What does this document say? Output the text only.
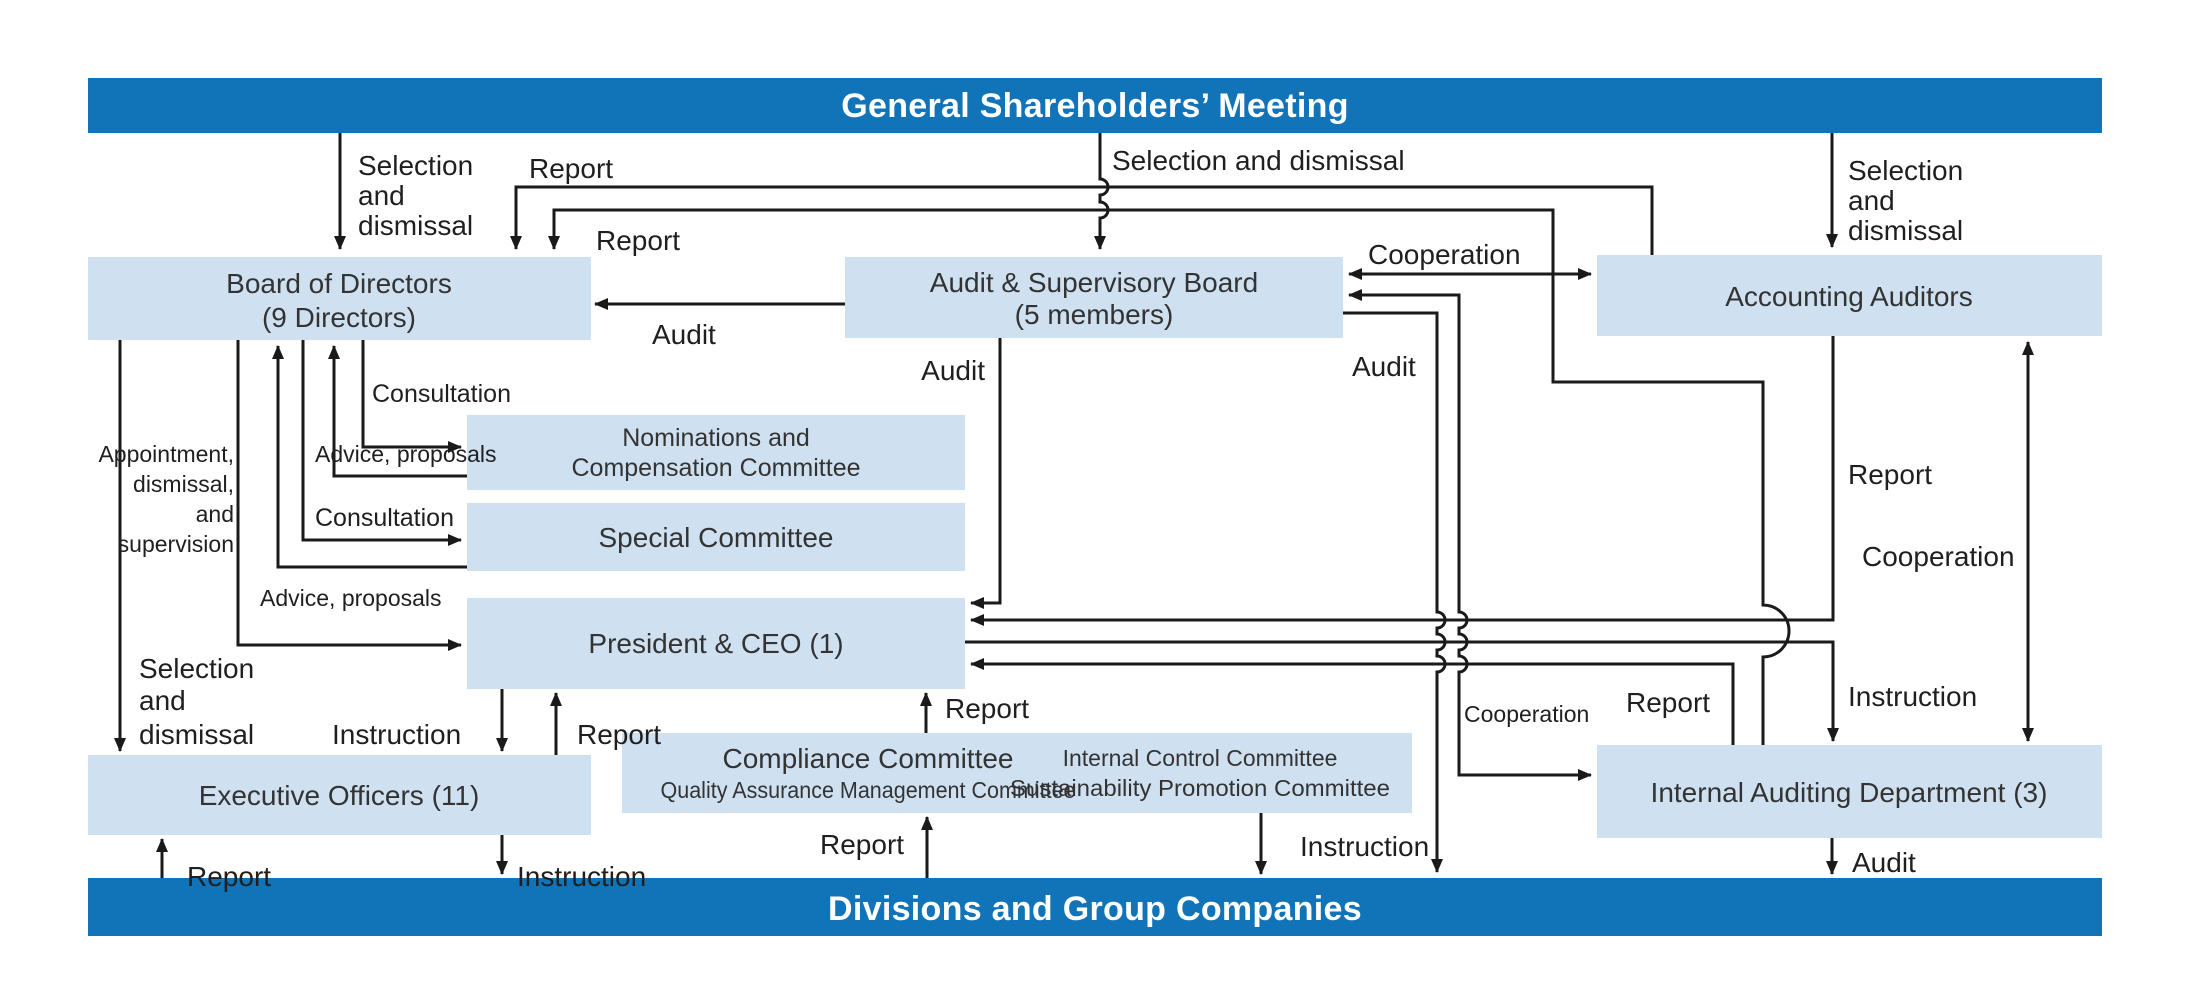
General Shareholders’ Meeting
Divisions and Group Companies
Board of Directors
(9 Directors)
Audit & Supervisory Board
(5 members)
Accounting Auditors
Nominations and
Compensation Committee
Special Committee
President & CEO (1)
Executive Officers (11)
Compliance Committee
Quality Assurance Management Committee
Internal Control Committee
Sustainability Promotion Committee	Internal Auditing Department (3)
Selection
and
dismissal
Report
Report
Selection and dismissal	Selection
and
dismissal
Audit
Cooperation
Consultation
Advice, proposals
Consultation
Advice, proposals
Appointment,
dismissal,
and
supervision
Selection
and
dismissal
Audit	Audit
Instruction	Report
Report
Report	Instruction
Report	Instruction
Report
Cooperation
Cooperation Report	Instruction
Audit
